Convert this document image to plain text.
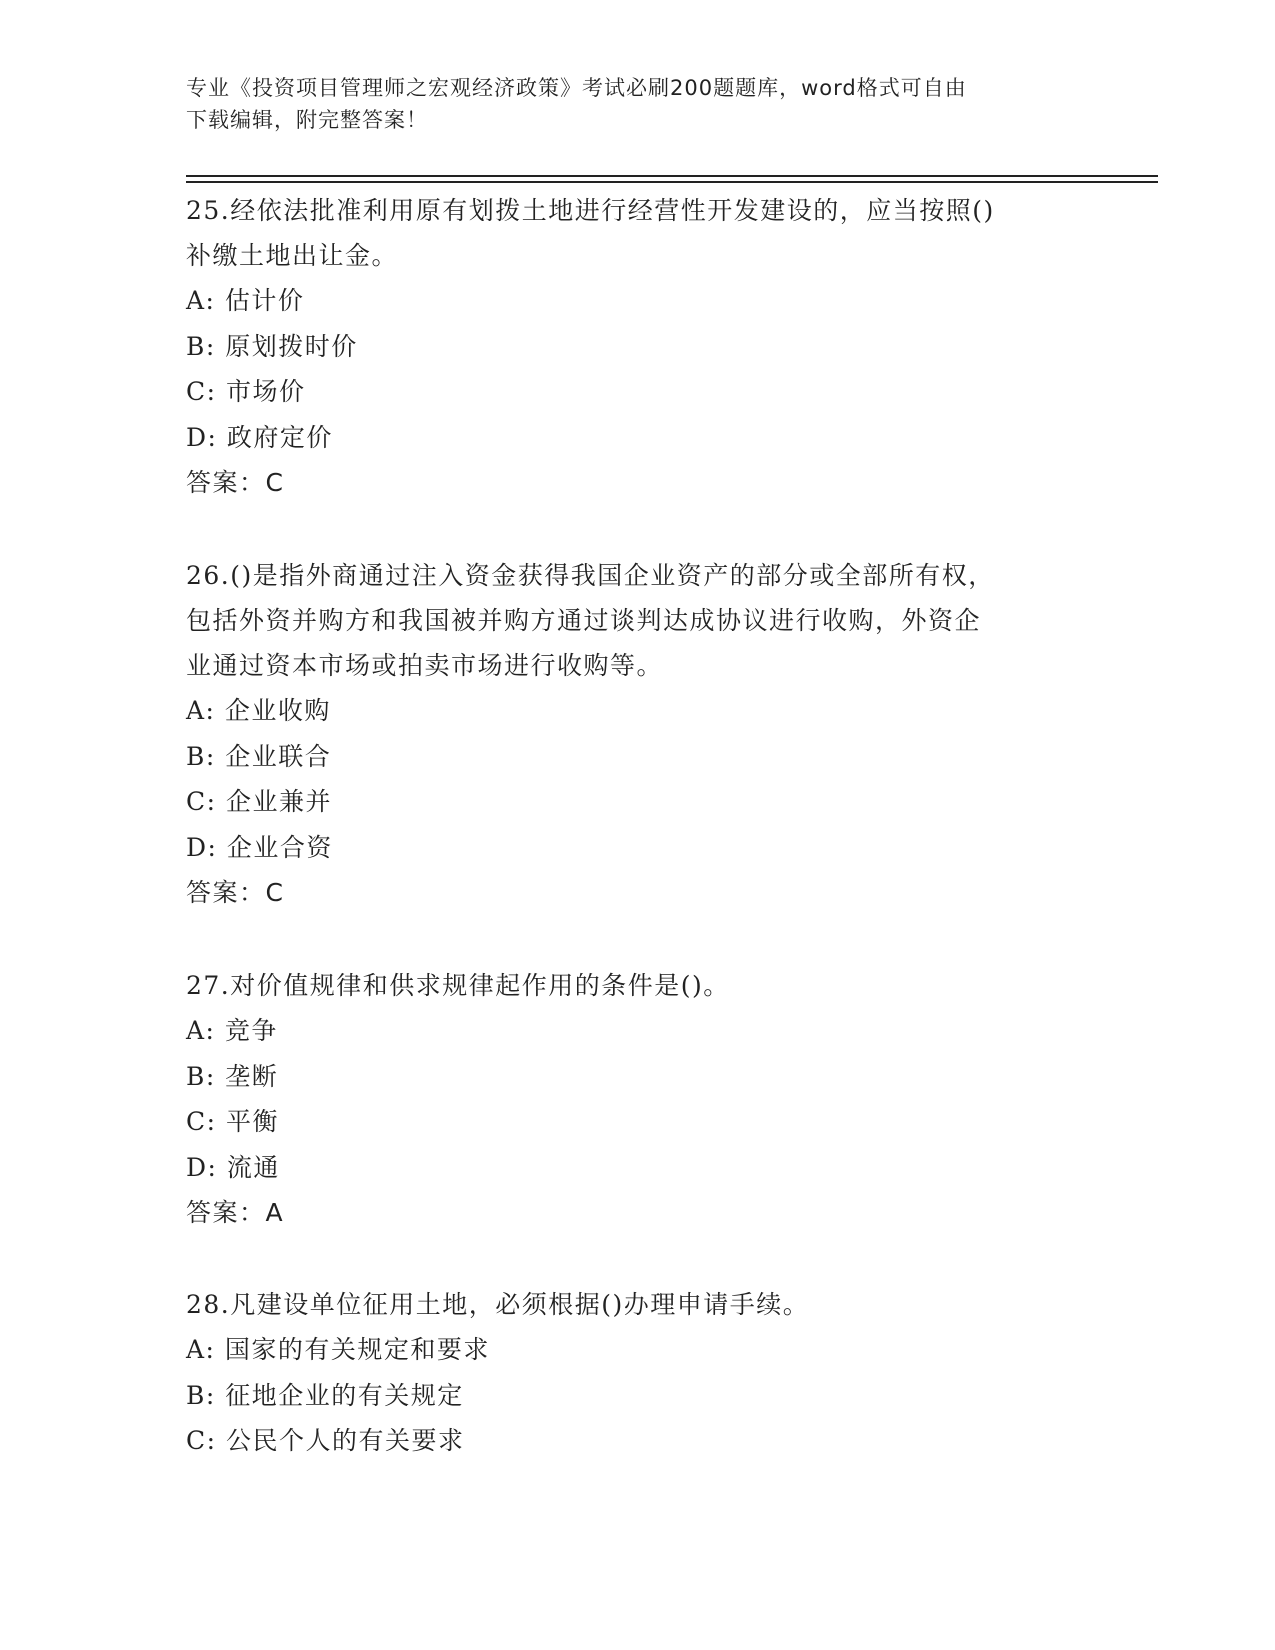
专业《投资项目管理师之宏观经济政策》考试必刷200题题库，word格式可自由
下载编辑，附完整答案！
25.经依法批准利用原有划拨土地进行经营性开发建设的，应当按照()
补缴土地出让金。
A: 估计价
B: 原划拨时价
C: 市场价
D: 政府定价
答案：C
26.()是指外商通过注入资金获得我国企业资产的部分或全部所有权，
包括外资并购方和我国被并购方通过谈判达成协议进行收购，外资企
业通过资本市场或拍卖市场进行收购等。
A: 企业收购
B: 企业联合
C: 企业兼并
D: 企业合资
答案：C
27.对价值规律和供求规律起作用的条件是()。
A: 竞争
B: 垄断
C: 平衡
D: 流通
答案：A
28.凡建设单位征用土地，必须根据()办理申请手续。
A: 国家的有关规定和要求
B: 征地企业的有关规定
C: 公民个人的有关要求
